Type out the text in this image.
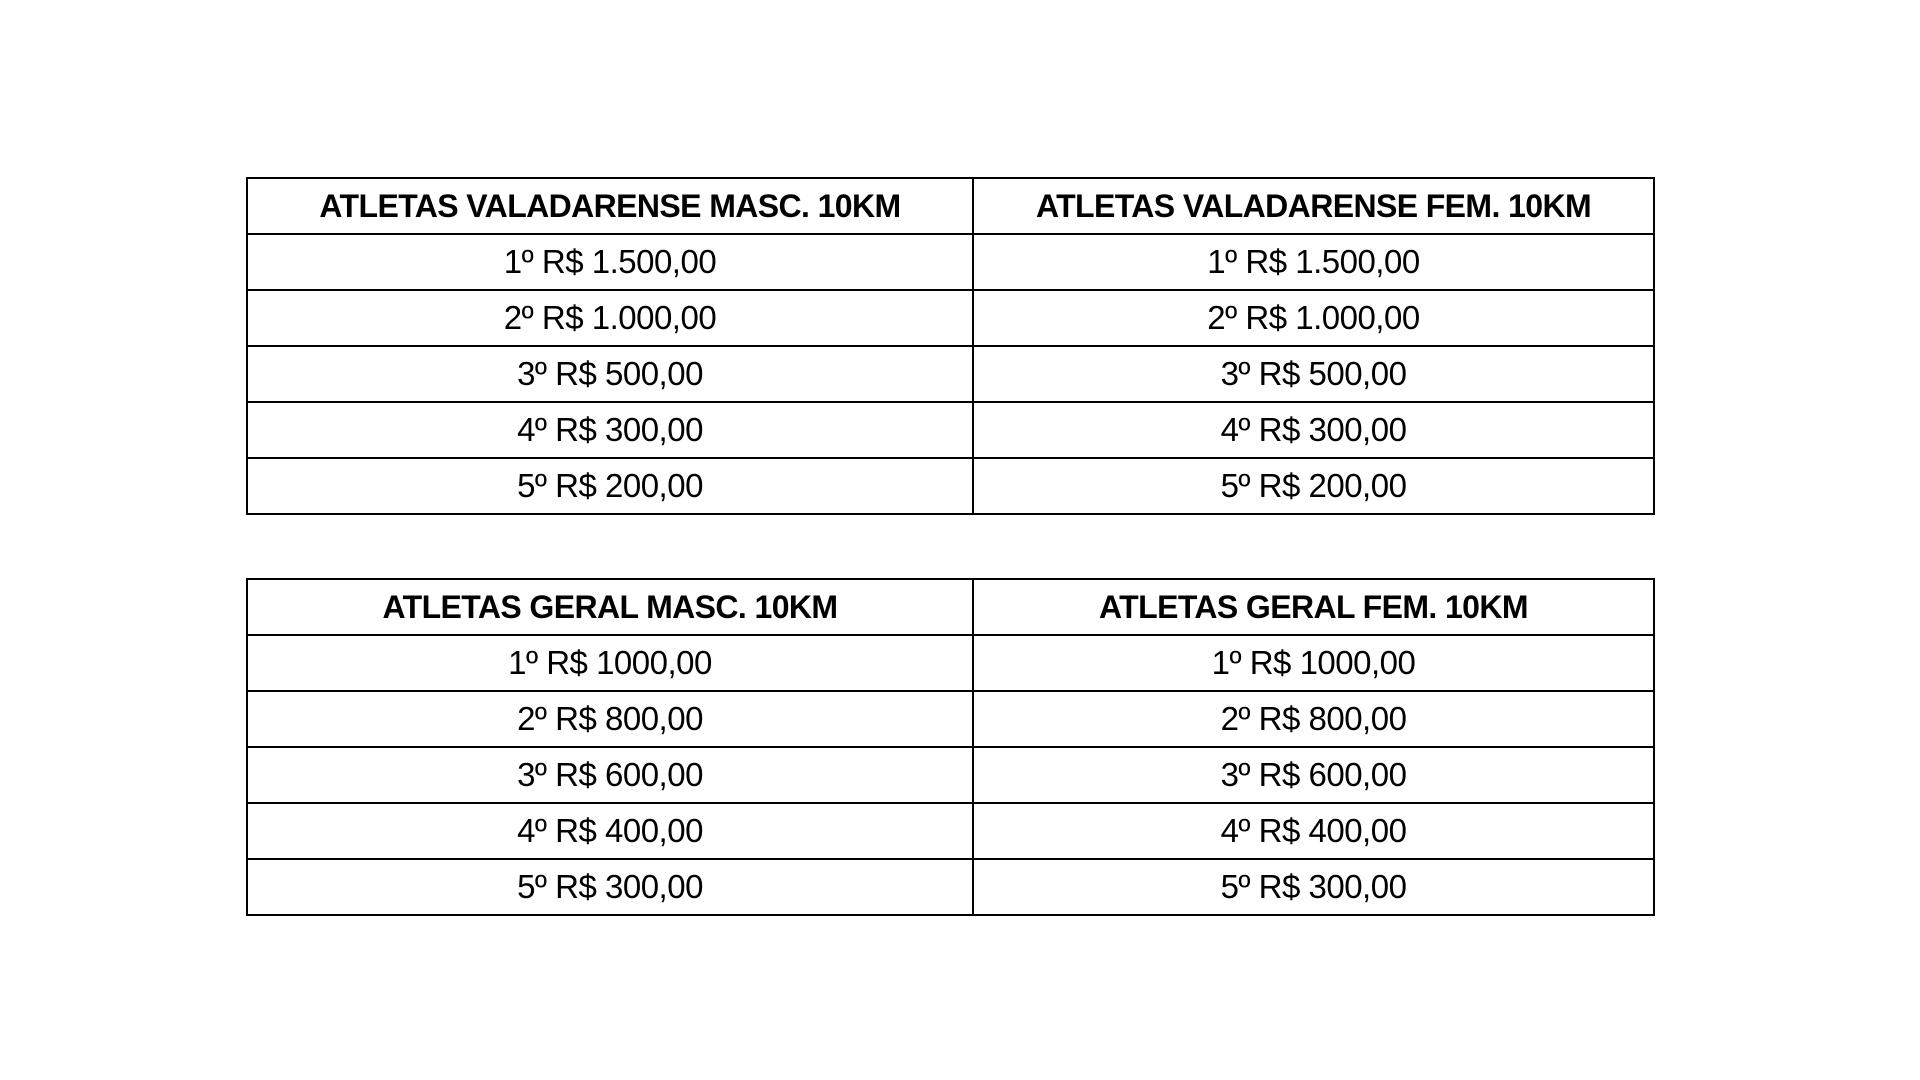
ATLETAS VALADARENSE MASC. 10KM	ATLETAS VALADARENSE FEM. 10KM
1º R$ 1.500,00	1º R$ 1.500,00
2º R$ 1.000,00	2º R$ 1.000,00
3º R$ 500,00	3º R$ 500,00
4º R$ 300,00	4º R$ 300,00
5º R$ 200,00	5º R$ 200,00
ATLETAS GERAL MASC. 10KM	ATLETAS GERAL FEM. 10KM
1º R$ 1000,00	1º R$ 1000,00
2º R$ 800,00	2º R$ 800,00
3º R$ 600,00	3º R$ 600,00
4º R$ 400,00	4º R$ 400,00
5º R$ 300,00	5º R$ 300,00
